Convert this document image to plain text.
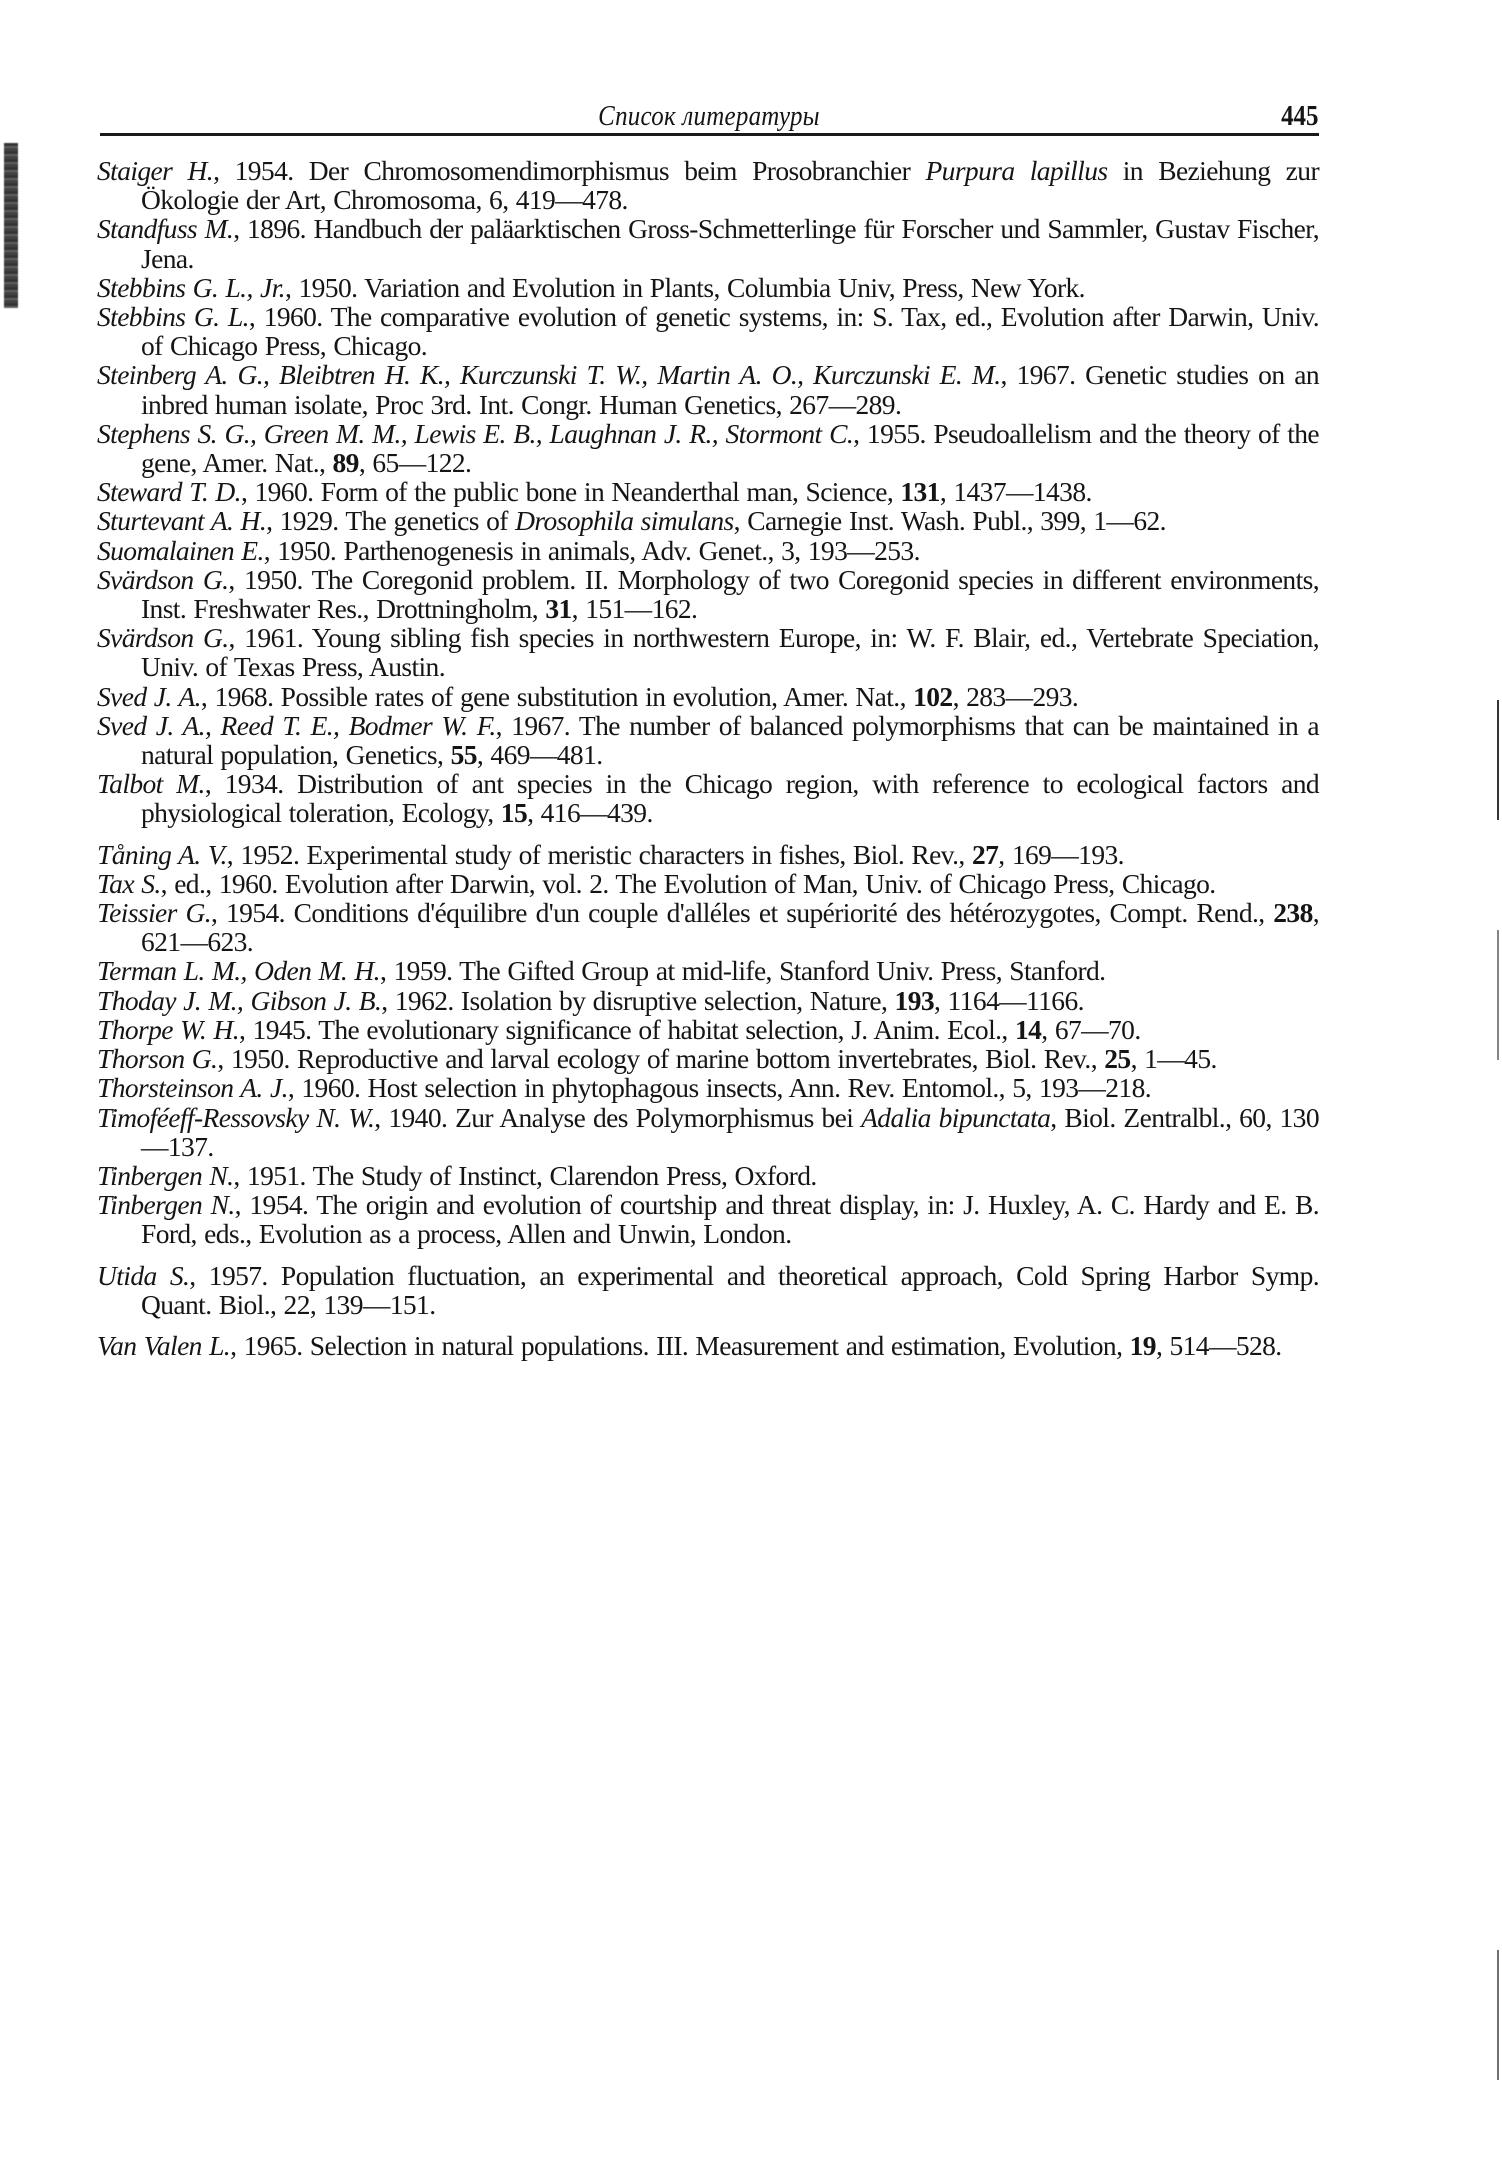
Список литературы	445

Staiger H., 1954. Der Chromosomendimorphismus beim Prosobranchier Purpura lapillus in Beziehung zur Ökologie der Art, Chromosoma, 6, 419—478.

Standfuss M., 1896. Handbuch der paläarktischen Gross-Schmetterlinge für Forscher und Sammler, Gustav Fischer, Jena.

Stebbins G. L., Jr., 1950. Variation and Evolution in Plants, Columbia Univ, Press, New York.

Stebbins G. L., 1960. The comparative evolution of genetic systems, in: S. Tax, ed., Evolution after Darwin, Univ. of Chicago Press, Chicago.

Steinberg A. G., Bleibtren H. K., Kurczunski T. W., Martin A. O., Kurczunski E. M., 1967. Genetic studies on an inbred human isolate, Proc 3rd. Int. Congr. Human Genetics, 267—289.

Stephens S. G., Green M. M., Lewis E. B., Laughnan J. R., Stormont C., 1955. Pseudoallelism and the theory of the gene, Amer. Nat., 89, 65—122.

Steward T. D., 1960. Form of the public bone in Neanderthal man, Science, 131, 1437—1438.

Sturtevant A. H., 1929. The genetics of Drosophila simulans, Carnegie Inst. Wash. Publ., 399, 1—62.

Suomalainen E., 1950. Parthenogenesis in animals, Adv. Genet., 3, 193—253.

Svärdson G., 1950. The Coregonid problem. II. Morphology of two Coregonid species in different environments, Inst. Freshwater Res., Drottningholm, 31, 151—162.

Svärdson G., 1961. Young sibling fish species in northwestern Europe, in: W. F. Blair, ed., Vertebrate Speciation, Univ. of Texas Press, Austin.

Sved J. A., 1968. Possible rates of gene substitution in evolution, Amer. Nat., 102, 283—293.

Sved J. A., Reed T. E., Bodmer W. F., 1967. The number of balanced polymorphisms that can be maintained in a natural population, Genetics, 55, 469—481.

Talbot M., 1934. Distribution of ant species in the Chicago region, with reference to ecological factors and physiological toleration, Ecology, 15, 416—439.

Tåning A. V., 1952. Experimental study of meristic characters in fishes, Biol. Rev., 27, 169—193.

Tax S., ed., 1960. Evolution after Darwin, vol. 2. The Evolution of Man, Univ. of Chicago Press, Chicago.

Teissier G., 1954. Conditions d'équilibre d'un couple d'alléles et supériorité des hétérozygotes, Compt. Rend., 238, 621—623.

Terman L. M., Oden M. H., 1959. The Gifted Group at mid-life, Stanford Univ. Press, Stanford.

Thoday J. M., Gibson J. B., 1962. Isolation by disruptive selection, Nature, 193, 1164—1166.

Thorpe W. H., 1945. The evolutionary significance of habitat selection, J. Anim. Ecol., 14, 67—70.

Thorson G., 1950. Reproductive and larval ecology of marine bottom invertebrates, Biol. Rev., 25, 1—45.

Thorsteinson A. J., 1960. Host selection in phytophagous insects, Ann. Rev. Entomol., 5, 193—218.

Timoféeff-Ressovsky N. W., 1940. Zur Analyse des Polymorphismus bei Adalia bipunctata, Biol. Zentralbl., 60, 130—137.

Tinbergen N., 1951. The Study of Instinct, Clarendon Press, Oxford.

Tinbergen N., 1954. The origin and evolution of courtship and threat display, in: J. Huxley, A. C. Hardy and E. B. Ford, eds., Evolution as a process, Allen and Unwin, London.

Utida S., 1957. Population fluctuation, an experimental and theoretical approach, Cold Spring Harbor Symp. Quant. Biol., 22, 139—151.

Van Valen L., 1965. Selection in natural populations. III. Measurement and estimation, Evolution, 19, 514—528.
